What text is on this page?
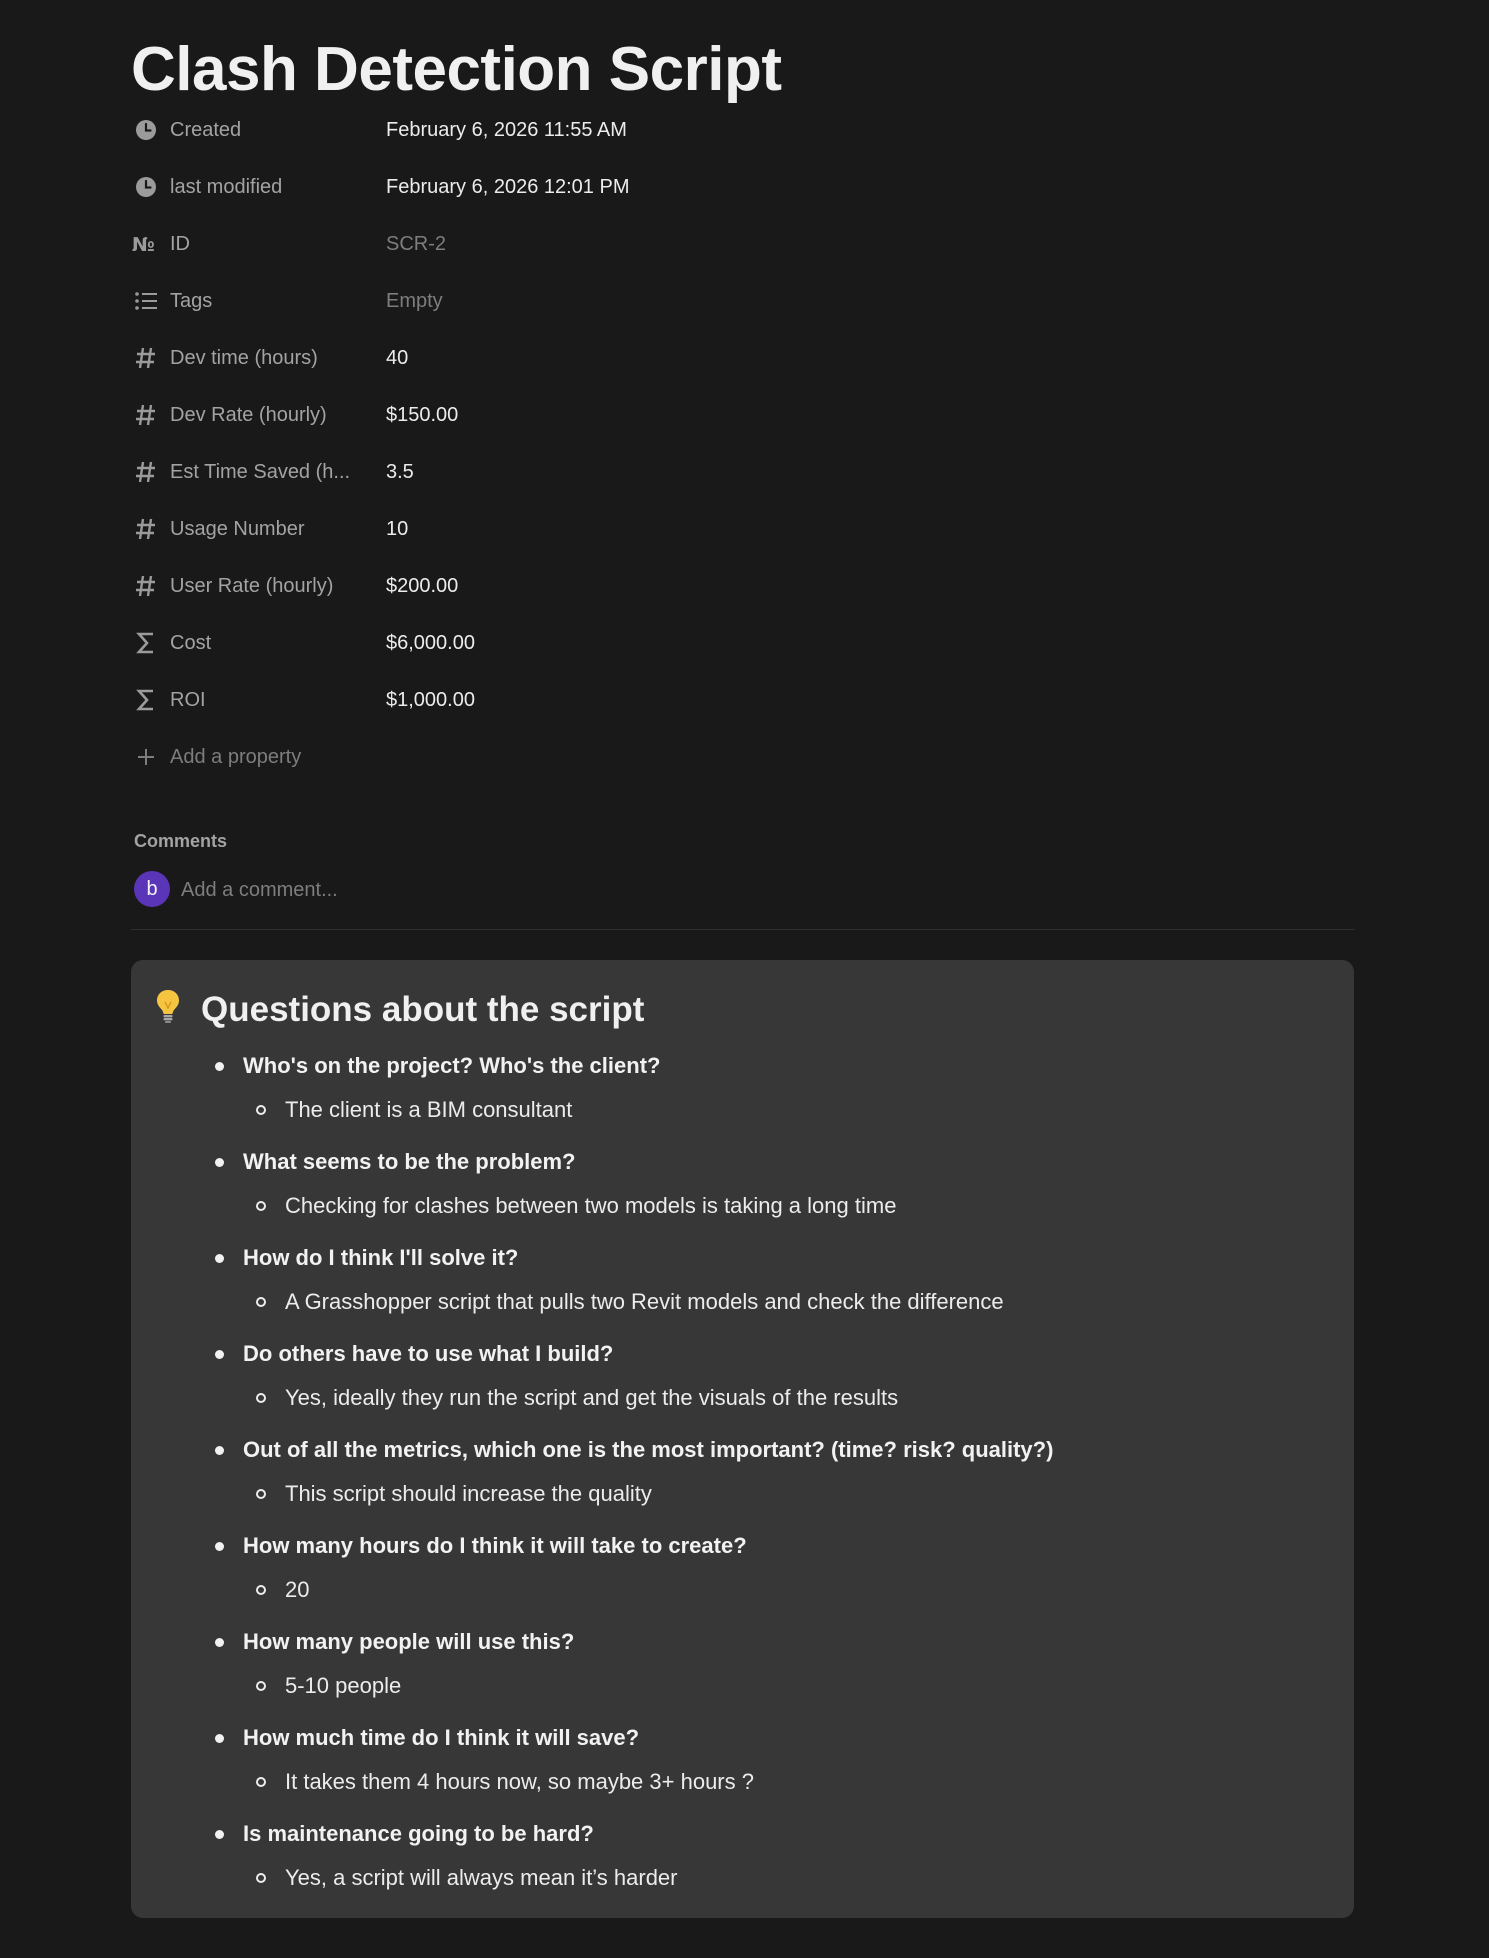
Clash Detection Script
Created	February 6, 2026 11:55 AM
last modified	February 6, 2026 12:01 PM
№ ID	SCR-2
Tags	Empty
Dev time (hours)	40
Dev Rate (hourly)	$150.00
Est Time Saved (h...	3.5
Usage Number	10
User Rate (hourly)	$200.00
Cost	$6,000.00
ROI	$1,000.00
Add a property
Comments
b
Add a comment...
Questions about the script
Who's on the project? Who's the client?
The client is a BIM consultant
What seems to be the problem?
Checking for clashes between two models is taking a long time
How do I think I'll solve it?
A Grasshopper script that pulls two Revit models and check the difference
Do others have to use what I build?
Yes, ideally they run the script and get the visuals of the results
Out of all the metrics, which one is the most important? (time? risk? quality?)
This script should increase the quality
How many hours do I think it will take to create?
20
How many people will use this?
5-10 people
How much time do I think it will save?
It takes them 4 hours now, so maybe 3+ hours ?
Is maintenance going to be hard?
Yes, a script will always mean it’s harder
